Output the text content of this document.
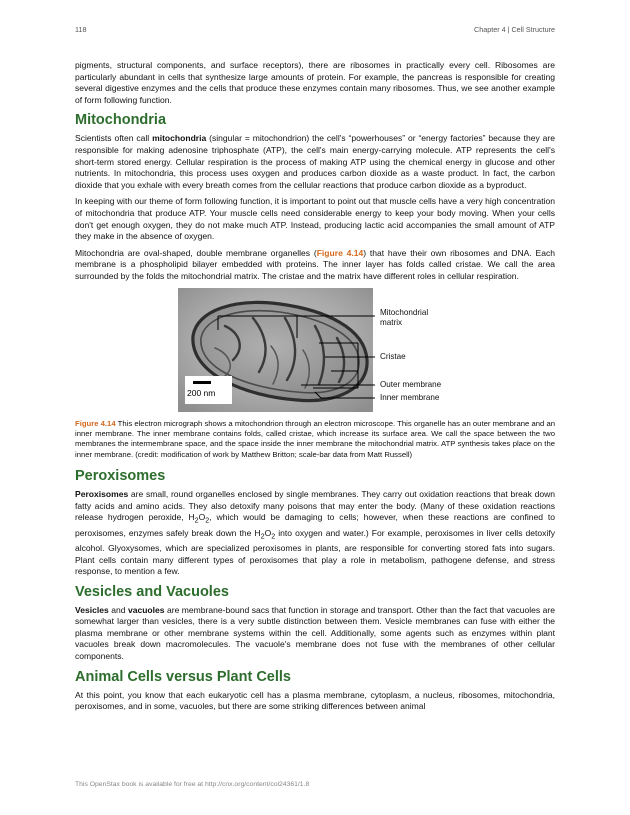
118	Chapter 4 | Cell Structure

pigments, structural components, and surface receptors), there are ribosomes in practically every cell. Ribosomes are particularly abundant in cells that synthesize large amounts of protein. For example, the pancreas is responsible for creating several digestive enzymes and the cells that produce these enzymes contain many ribosomes. Thus, we see another example of form following function.

Mitochondria

Scientists often call mitochondria (singular = mitochondrion) the cell's “powerhouses” or “energy factories” because they are responsible for making adenosine triphosphate (ATP), the cell's main energy-carrying molecule. ATP represents the cell's short-term stored energy. Cellular respiration is the process of making ATP using the chemical energy in glucose and other nutrients. In mitochondria, this process uses oxygen and produces carbon dioxide as a waste product. In fact, the carbon dioxide that you exhale with every breath comes from the cellular reactions that produce carbon dioxide as a byproduct.

In keeping with our theme of form following function, it is important to point out that muscle cells have a very high concentration of mitochondria that produce ATP. Your muscle cells need considerable energy to keep your body moving. When your cells don't get enough oxygen, they do not make much ATP. Instead, producing lactic acid accompanies the small amount of ATP they make in the absence of oxygen.

Mitochondria are oval-shaped, double membrane organelles (Figure 4.14) that have their own ribosomes and DNA. Each membrane is a phospholipid bilayer embedded with proteins. The inner layer has folds called cristae. We call the area surrounded by the folds the mitochondrial matrix. The cristae and the matrix have different roles in cellular respiration.

200 nm
Mitochondrial
matrix
Cristae
Outer membrane
Inner membrane

Figure 4.14 This electron micrograph shows a mitochondrion through an electron microscope. This organelle has an outer membrane and an inner membrane. The inner membrane contains folds, called cristae, which increase its surface area. We call the space between the two membranes the intermembrane space, and the space inside the inner membrane the mitochondrial matrix. ATP synthesis takes place on the inner membrane. (credit: modification of work by Matthew Britton; scale-bar data from Matt Russell)

Peroxisomes

Peroxisomes are small, round organelles enclosed by single membranes. They carry out oxidation reactions that break down fatty acids and amino acids. They also detoxify many poisons that may enter the body. (Many of these oxidation reactions release hydrogen peroxide, $H_2O_2$, which would be damaging to cells; however, when these reactions are confined to peroxisomes, enzymes safely break down the $H_2O_2$ into oxygen and water.) For example, peroxisomes in liver cells detoxify alcohol. Glyoxysomes, which are specialized peroxisomes in plants, are responsible for converting stored fats into sugars. Plant cells contain many different types of peroxisomes that play a role in metabolism, pathogene defense, and stress response, to mention a few.

Vesicles and Vacuoles

Vesicles and vacuoles are membrane-bound sacs that function in storage and transport. Other than the fact that vacuoles are somewhat larger than vesicles, there is a very subtle distinction between them. Vesicle membranes can fuse with either the plasma membrane or other membrane systems within the cell. Additionally, some agents such as enzymes within plant vacuoles break down macromolecules. The vacuole's membrane does not fuse with the membranes of other cellular components.

Animal Cells versus Plant Cells

At this point, you know that each eukaryotic cell has a plasma membrane, cytoplasm, a nucleus, ribosomes, mitochondria, peroxisomes, and in some, vacuoles, but there are some striking differences between animal

This OpenStax book is available for free at http://cnx.org/content/col24361/1.8
